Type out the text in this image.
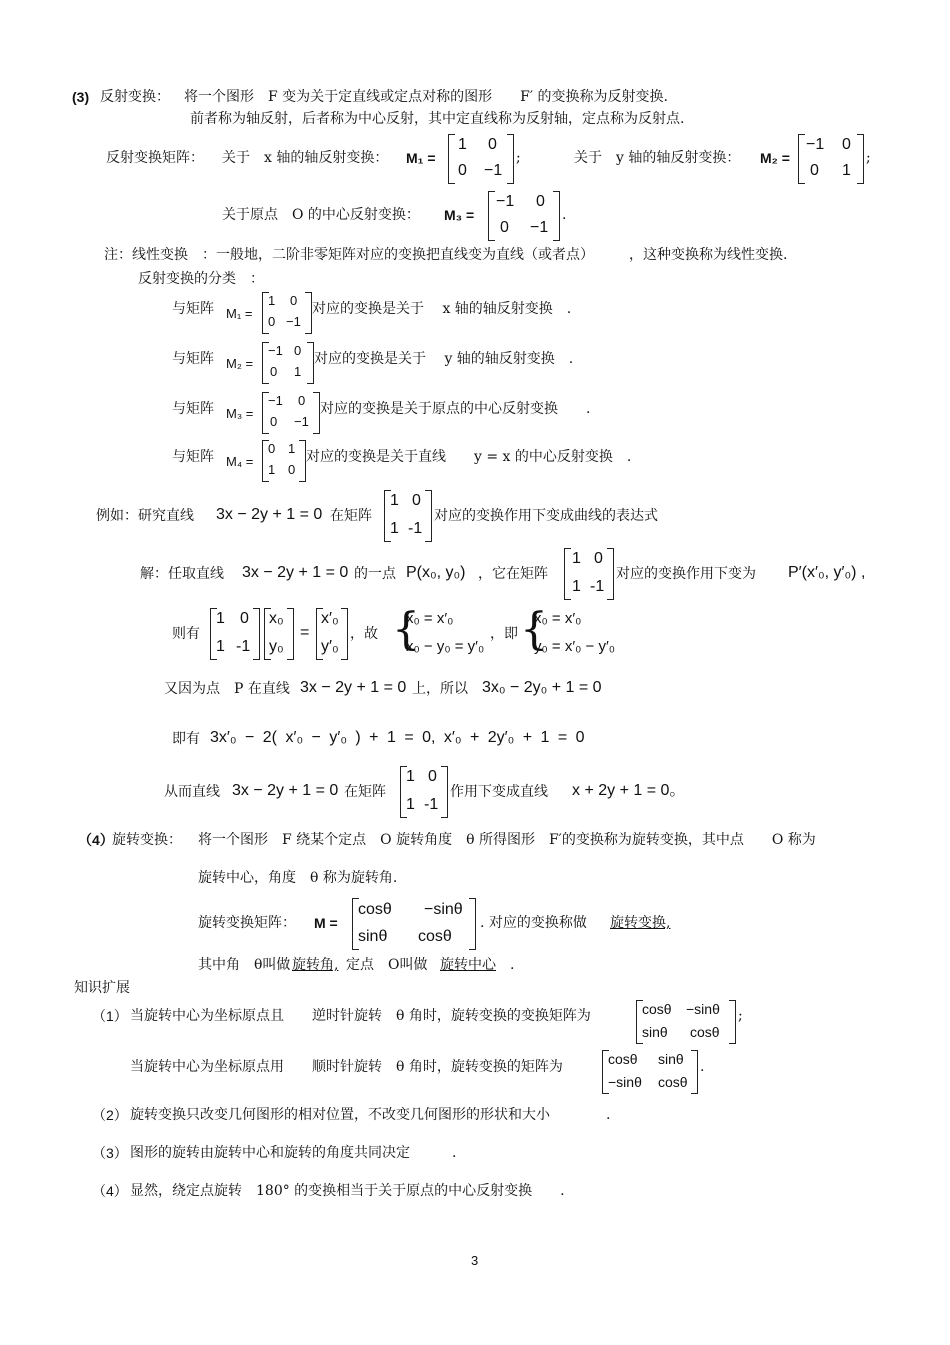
(3) 反射变换： 将一个图形　F 变为关于定直线或定点对称的图形　　F′ 的变换称为反射变换.
前者称为轴反射，后者称为中心反射，其中定直线称为反射轴，定点称为反射点.
反射变换矩阵： 关于　x 轴的轴反射变换： M₁ =
1 0
0 −1
;	关于　y 轴的轴反射变换： M₂ =
−1 0
0 1
;
关于原点　O 的中心反射变换： M₃ =
−1 0
0 −1
.
注：线性变换　：一般地，二阶非零矩阵对应的变换把直线变为直线（或者点）　　　，这种变换称为线性变换.
反射变换的分类　：
与矩阵 M₁ =
1 0
0 −1
对应的变换是关于　 x 轴的轴反射变换　.
与矩阵 M₂ =
−1 0
0 1
对应的变换是关于　 y 轴的轴反射变换　.
与矩阵 M₃ =
−1 0
0 −1
对应的变换是关于原点的中心反射变换　　.
与矩阵 M₄ =
0 1
1 0
对应的变换是关于直线　　y = x 的中心反射变换　.
例如：研究直线 3x − 2y + 1 = 0 在矩阵
1 0
1 -1
对应的变换作用下变成曲线的表达式
解：任取直线 3x − 2y + 1 = 0 的一点 P(x₀, y₀) ，它在矩阵
1 0
1 -1
对应的变换作用下变为 P′(x′₀, y′₀) ,
则有
1 0
1 -1
x₀
y₀
=
x′₀
y′₀
，故 {
x₀ = x′₀
x₀ − y₀ = y′₀
，即 {
x₀ = x′₀
y₀ = x′₀ − y′₀
又因为点　P 在直线 3x − 2y + 1 = 0 上，所以 3x₀ − 2y₀ + 1 = 0
即有 3x′₀ − 2( x′₀ − y′₀ ) + 1 = 0, x′₀ + 2y′₀ + 1 = 0
从而直线 3x − 2y + 1 = 0 在矩阵
1 0
1 -1
作用下变成直线 x + 2y + 1 = 0。
（4）
旋转变换： 将一个图形　F 绕某个定点　O 旋转角度　θ 所得图形　F′的变换称为旋转变换，其中点　　O 称为
旋转中心，角度　θ 称为旋转角.
旋转变换矩阵： M =
cosθ −sinθ
sinθ cosθ
. 对应的变换称做 旋转变换,
其中角　θ叫做 旋转角, 定点　O叫做 旋转中心 .
知识扩展
（1） 当旋转中心为坐标原点且　　逆时针旋转　θ 角时，旋转变换的变换矩阵为	cosθ −sinθ
sinθ cosθ
;
当旋转中心为坐标原点用　　顺时针旋转　θ 角时，旋转变换的矩阵为	cosθ sinθ
−sinθ cosθ
.
（2） 旋转变换只改变几何图形的相对位置，不改变几何图形的形状和大小　　　　.
（3） 图形的旋转由旋转中心和旋转的角度共同决定　　　.
（4） 显然，绕定点旋转　180° 的变换相当于关于原点的中心反射变换　　.
3
